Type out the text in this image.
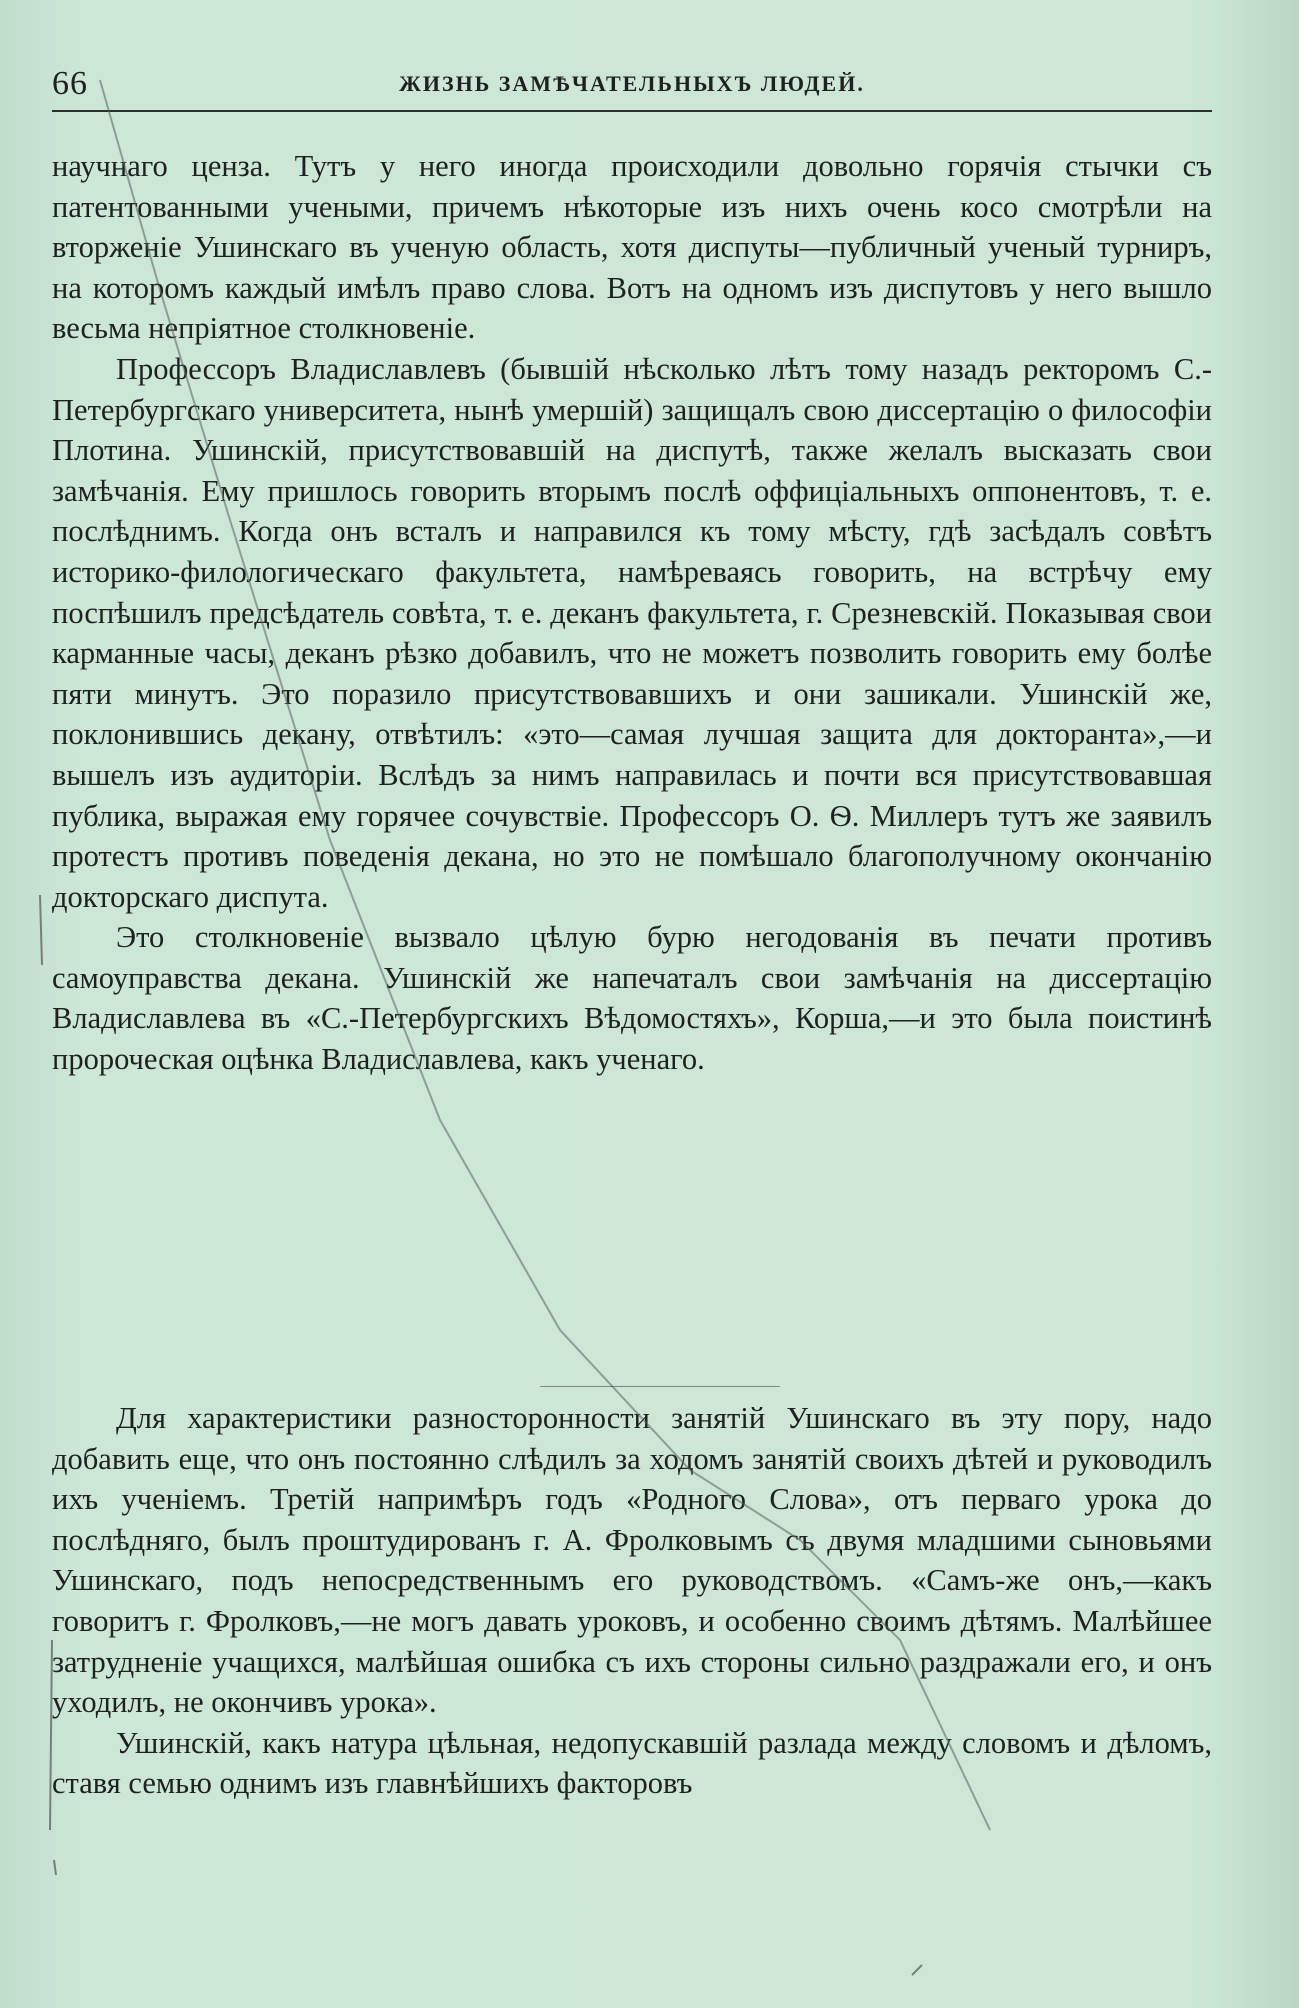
66	ЖИЗНЬ ЗАМѢЧАТЕЛЬНЫХЪ ЛЮДЕЙ.

научнаго ценза. Тутъ у него иногда происходили довольно горячія стычки съ патентованными учеными, причемъ нѣкоторые изъ нихъ очень косо смотрѣли на вторженіе Ушинскаго въ ученую область, хотя диспуты—публичный ученый турниръ, на которомъ каждый имѣлъ право слова. Вотъ на одномъ изъ диспутовъ у него вышло весьма непріятное столкновеніе.

Профессоръ Владиславлевъ (бывшій нѣсколько лѣтъ тому назадъ ректоромъ С.-Петербургскаго университета, нынѣ умершій) защищалъ свою диссертацію о философіи Плотина. Ушинскій, присутствовавшій на диспутѣ, также желалъ высказать свои замѣчанія. Ему пришлось говорить вторымъ послѣ оффиціальныхъ оппонентовъ, т. е. послѣднимъ. Когда онъ всталъ и направился къ тому мѣсту, гдѣ засѣдалъ совѣтъ историко-филологическаго факультета, намѣреваясь говорить, на встрѣчу ему поспѣшилъ предсѣдатель совѣта, т. е. деканъ факультета, г. Срезневскій. Показывая свои карманные часы, деканъ рѣзко добавилъ, что не можетъ позволить говорить ему болѣе пяти минутъ. Это поразило присутствовавшихъ и они зашикали. Ушинскій же, поклонившись декану, отвѣтилъ: «это—самая лучшая защита для докторанта»,—и вышелъ изъ аудиторіи. Вслѣдъ за нимъ направилась и почти вся присутствовавшая публика, выражая ему горячее сочувствіе. Профессоръ О. Ѳ. Миллеръ тутъ же заявилъ протестъ противъ поведенія декана, но это не помѣшало благополучному окончанію докторскаго диспута.

Это столкновеніе вызвало цѣлую бурю негодованія въ печати противъ самоуправства декана. Ушинскій же напечаталъ свои замѣчанія на диссертацію Владиславлева въ «С.-Петербургскихъ Вѣдомостяхъ», Корша,—и это была поистинѣ пророческая оцѣнка Владиславлева, какъ ученаго.

Для характеристики разносторонности занятій Ушинскаго въ эту пору, надо добавить еще, что онъ постоянно слѣдилъ за ходомъ занятій своихъ дѣтей и руководилъ ихъ ученіемъ. Третій напримѣръ годъ «Родного Слова», отъ перваго урока до послѣдняго, былъ проштудированъ г. А. Фролковымъ съ двумя младшими сыновьями Ушинскаго, подъ непосредственнымъ его руководствомъ. «Самъ-же онъ,—какъ говоритъ г. Фролковъ,—не могъ давать уроковъ, и особенно своимъ дѣтямъ. Малѣйшее затрудненіе учащихся, малѣйшая ошибка съ ихъ стороны сильно раздражали его, и онъ уходилъ, не окончивъ урока».

Ушинскій, какъ натура цѣльная, недопускавшій разлада между словомъ и дѣломъ, ставя семью однимъ изъ главнѣйшихъ факторовъ
